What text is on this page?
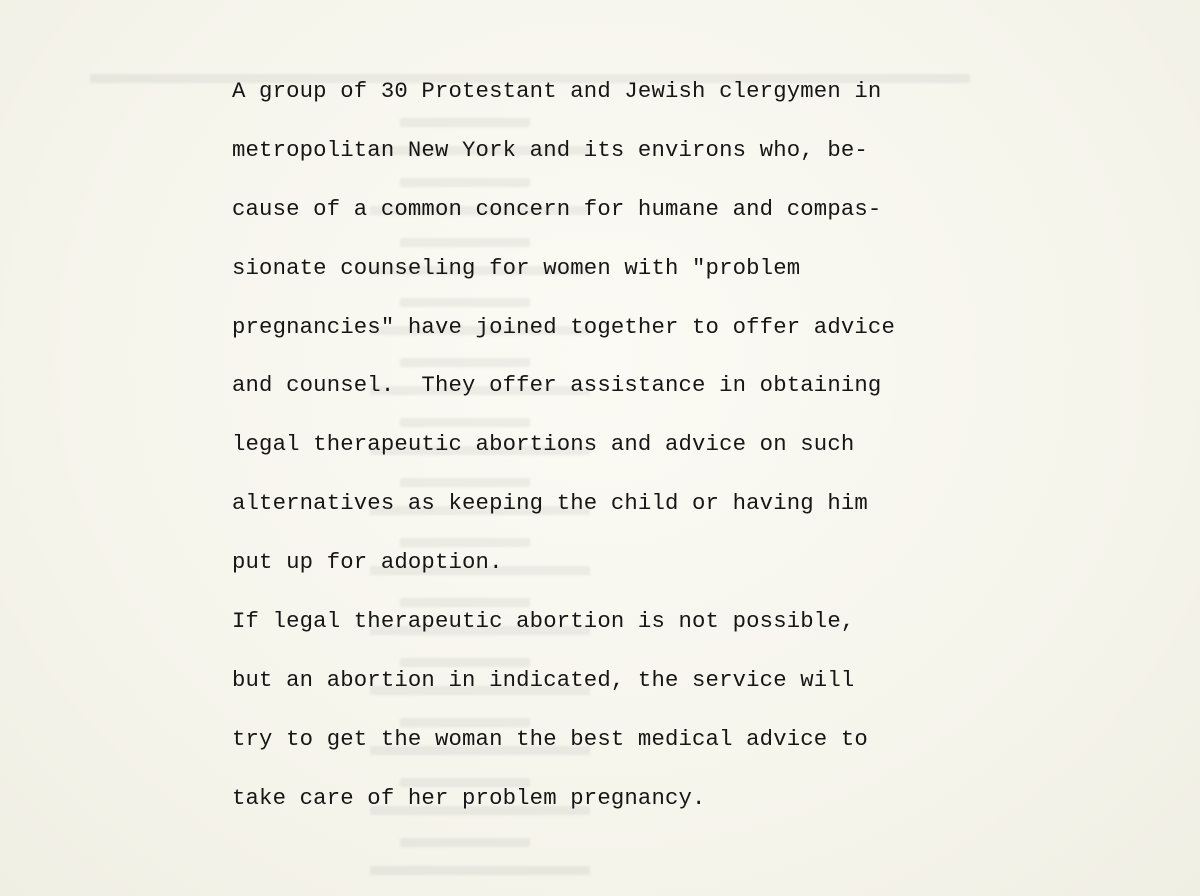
A group of 30 Protestant and Jewish clergymen in
metropolitan New York and its environs who, be-
cause of a common concern for humane and compas-
sionate counseling for women with "problem
pregnancies" have joined together to offer advice
and counsel.  They offer assistance in obtaining
legal therapeutic abortions and advice on such
alternatives as keeping the child or having him
put up for adoption.
If legal therapeutic abortion is not possible,
but an abortion in indicated, the service will
try to get the woman the best medical advice to
take care of her problem pregnancy.
